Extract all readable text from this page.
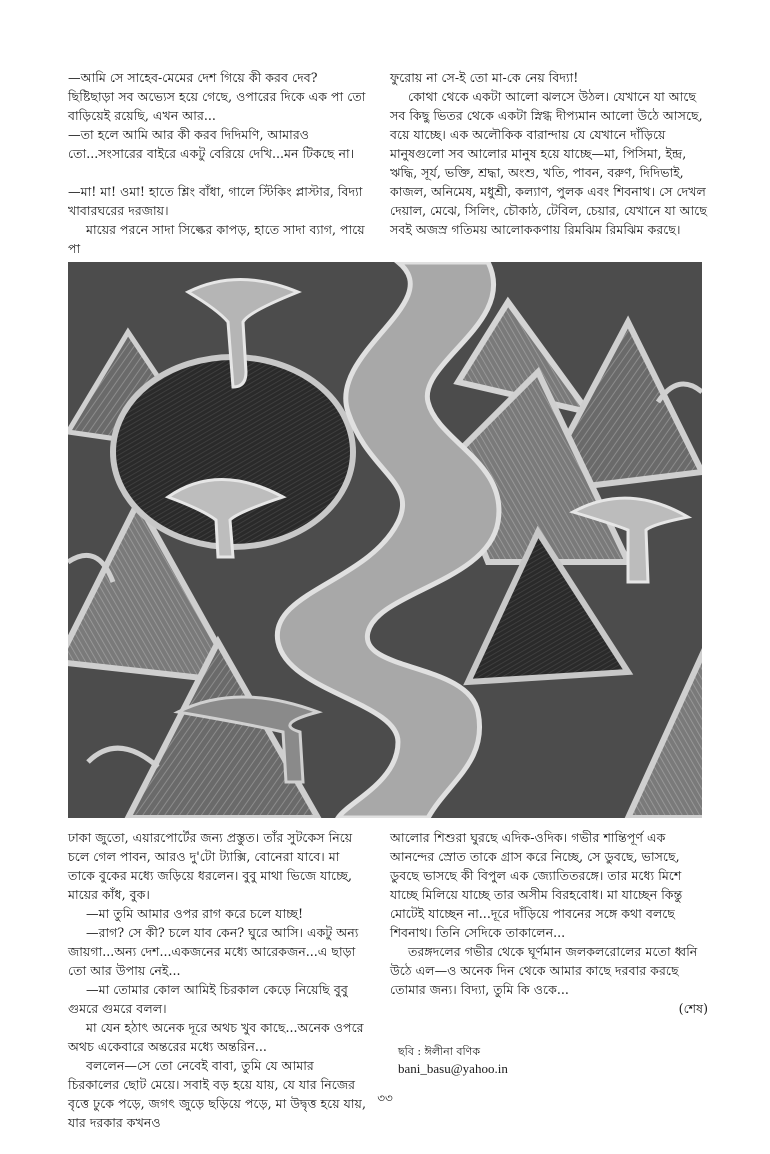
—আমি সে সাহেব-মেমের দেশ গিয়ে কী করব দেব?

ছিষ্টিছাড়া সব অভ্যেস হয়ে গেছে, ওপারের দিকে এক পা তো বাড়িয়েই রয়েছি, এখন আর...

—তা হলে আমি আর কী করব দিদিমণি, আমারও তো...সংসারের বাইরে একটু বেরিয়ে দেখি...মন টিকছে না।

—মা! মা! ওমা! হাতে শ্লিং বাঁধা, গালে স্টিকিং প্লাস্টার, বিদ্যা খাবারঘরের দরজায়।

মায়ের পরনে সাদা সিল্কের কাপড়, হাতে সাদা ব্যাগ, পায়ে পা

ফুরোয় না সে-ই তো মা-কে নেয় বিদ্যা!

কোথা থেকে একটা আলো ঝলসে উঠল। যেখানে যা আছে সব কিছু ভিতর থেকে একটা স্নিগ্ধ দীপ্যমান আলো উঠে আসছে, বয়ে যাচ্ছে। এক অলৌকিক বারান্দায় যে যেখানে দাঁড়িয়ে মানুষগুলো সব আলোর মানুষ হয়ে যাচ্ছে—মা, পিসিমা, ইন্দ্র, ঋদ্ধি, সূর্য, ভক্তি, শ্রদ্ধা, অংশু, খতি, পাবন, বরুণ, দিদিভাই, কাজল, অনিমেষ, মধুশ্রী, কল্যাণ, পুলক এবং শিবনাথ। সে দেখল দেয়াল, মেঝে, সিলিং, চৌকাঠ, টেবিল, চেয়ার, যেখানে যা আছে সবই অজস্র গতিময় আলোককণায় রিমঝিম রিমঝিম করছে।

ঢাকা জুতো, এয়ারপোর্টের জন্য প্রস্তুত। তাঁর সুটকেস নিয়ে চলে গেল পাবন, আরও দু'টো ট্যাক্সি, বোনেরা যাবে। মা তাকে বুকের মধ্যে জড়িয়ে ধরলেন। বুবু মাথা ভিজে যাচ্ছে, মায়ের কাঁধ, বুক।

—মা তুমি আমার ওপর রাগ করে চলে যাচ্ছ!

—রাগ? সে কী? চলে যাব কেন? ঘুরে আসি। একটু অন্য জায়গা...অন্য দেশ...একজনের মধ্যে আরেকজন...এ ছাড়া তো আর উপায় নেই...

—মা তোমার কোল আমিই চিরকাল কেড়ে নিয়েছি বুবু গুমরে গুমরে বলল।

মা যেন হঠাৎ অনেক দূরে অথচ খুব কাছে...অনেক ওপরে অথচ একেবারে অন্তরের মধ্যে অন্তরিন...

বললেন—সে তো নেবেই বাবা, তুমি যে আমার চিরকালের ছোট মেয়ে। সবাই বড় হয়ে যায়, যে যার নিজের বৃত্তে ঢুকে পড়ে, জগৎ জুড়ে ছড়িয়ে পড়ে, মা উদ্বৃত্ত হয়ে যায়, যার দরকার কখনও

আলোর শিশুরা ঘুরছে এদিক-ওদিক। গভীর শান্তিপূর্ণ এক আনন্দের স্রোত তাকে গ্রাস করে নিচ্ছে, সে ডুবছে, ভাসছে, ডুবছে ভাসছে কী বিপুল এক জ্যোতিতরঙ্গে। তার মধ্যে মিশে যাচ্ছে মিলিয়ে যাচ্ছে তার অসীম বিরহবোধ। মা যাচ্ছেন কিন্তু মোটেই যাচ্ছেন না...দূরে দাঁড়িয়ে পাবনের সঙ্গে কথা বলছে শিবনাথ। তিনি সেদিকে তাকালেন...

তরঙ্গদলের গভীর থেকে ঘূর্ণমান জলকলরোলের মতো ধ্বনি উঠে এল—ও অনেক দিন থেকে আমার কাছে দরবার করছে তোমার জন্য। বিদ্যা, তুমি কি ওকে...

(শেষ)

ছবি : ঈলীনা বণিক
bani_basu@yahoo.in
৩৩
